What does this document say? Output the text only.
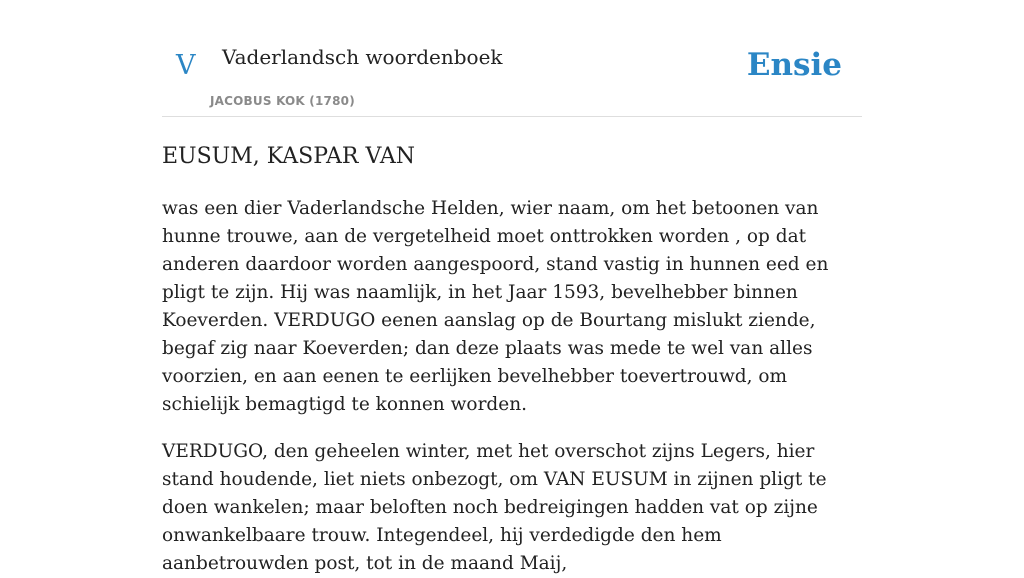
V Vaderlandsch woordenboek
JACOBUS KOK (1780)
Ensie
EUSUM, KASPAR VAN

was een dier Vaderlandsche Helden, wier naam, om het betoonen van hunne trouwe, aan de vergetelheid moet onttrokken worden , op dat anderen daardoor worden aangespoord, stand vastig in hunnen eed en pligt te zijn. Hij was naamlijk, in het Jaar 1593, bevelhebber binnen Koeverden. VERDUGO eenen aanslag op de Bourtang mislukt ziende, begaf zig naar Koeverden; dan deze plaats was mede te wel van alles voorzien, en aan eenen te eerlijken bevelhebber toevertrouwd, om schielijk bemagtigd te konnen worden.

VERDUGO, den geheelen winter, met het overschot zijns Legers, hier stand houdende, liet niets onbezogt, om VAN EUSUM in zijnen pligt te doen wankelen; maar beloften noch bedreigingen hadden vat op zijne onwankelbaare trouw. Integendeel, hij verdedigde den hem aanbetrouwden post, tot in de maand Maij,
